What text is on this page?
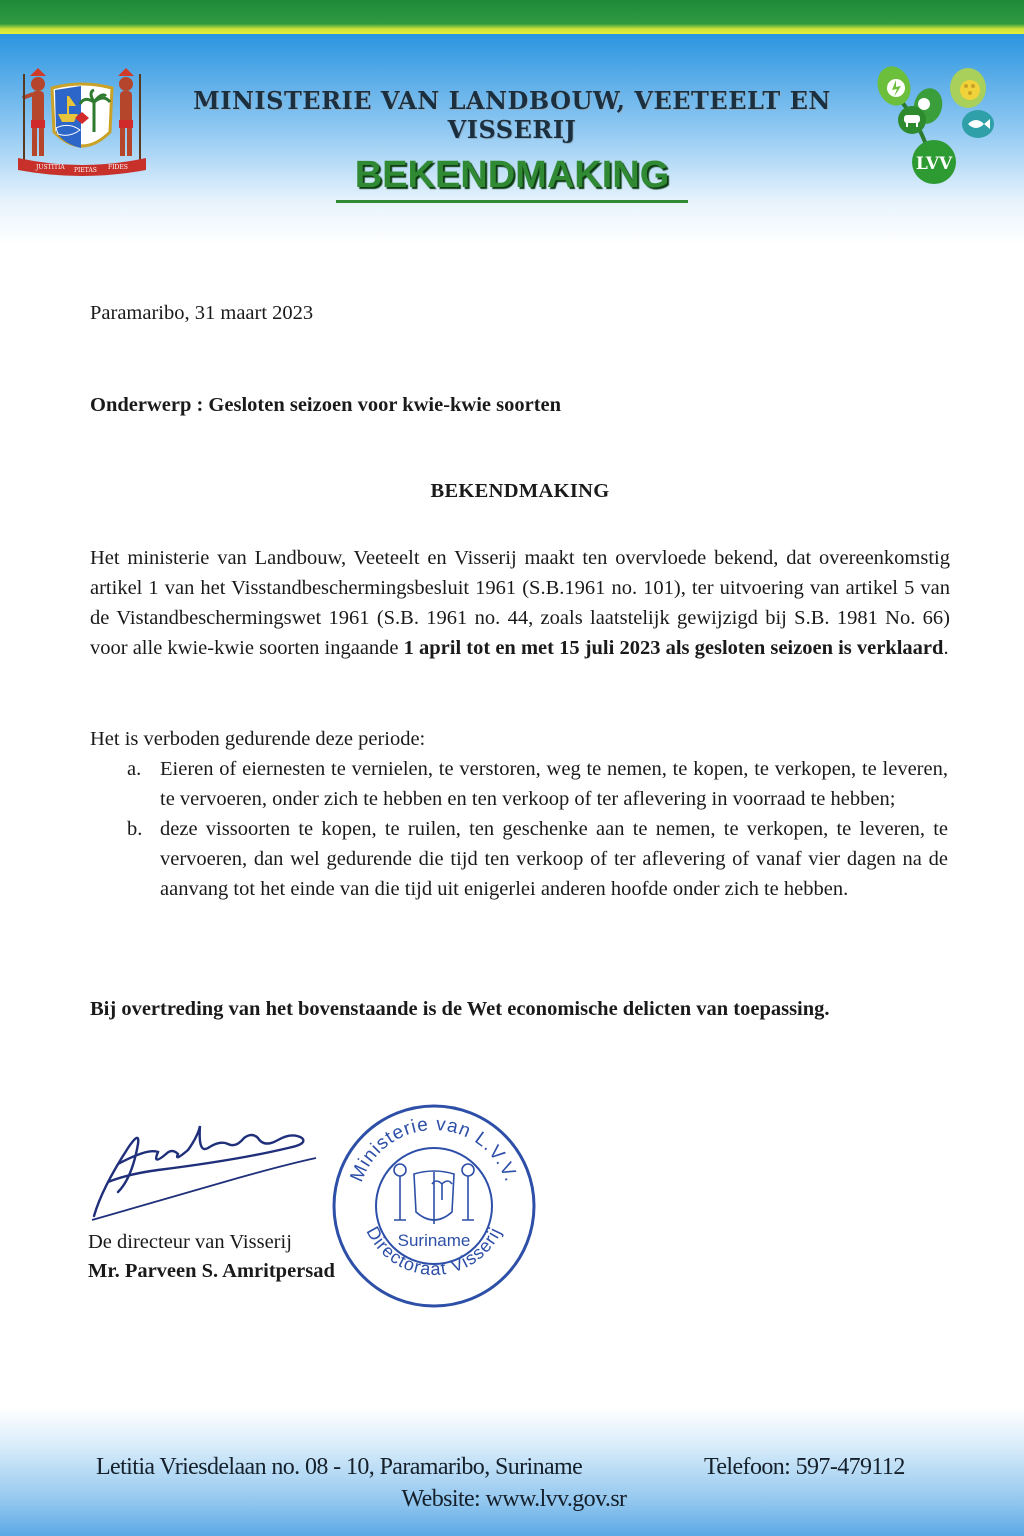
JUSTITIA PIETAS FIDES
MINISTERIE VAN LANDBOUW, VEETEELT EN VISSERIJ
BEKENDMAKING	LVV
Paramaribo, 31 maart 2023
Onderwerp : Gesloten seizoen voor kwie-kwie soorten
BEKENDMAKING
Het ministerie van Landbouw, Veeteelt en Visserij maakt ten overvloede bekend, dat overeenkomstig artikel 1 van het Visstandbeschermingsbesluit 1961 (S.B.1961 no. 101), ter uitvoering van artikel 5 van de Vistandbeschermingswet 1961 (S.B. 1961 no. 44, zoals laatstelijk gewijzigd bij S.B. 1981 No. 66) voor alle kwie-kwie soorten ingaande 1 april tot en met 15 juli 2023 als gesloten seizoen is verklaard.
Het is verboden gedurende deze periode:
a. Eieren of eiernesten te vernielen, te verstoren, weg te nemen, te kopen, te verkopen, te leveren, te vervoeren, onder zich te hebben en ten verkoop of ter aflevering in voorraad te hebben;
b. deze vissoorten te kopen, te ruilen, ten geschenke aan te nemen, te verkopen, te leveren, te vervoeren, dan wel gedurende die tijd ten verkoop of ter aflevering of vanaf vier dagen na de aanvang tot het einde van die tijd uit enigerlei anderen hoofde onder zich te hebben.
Bij overtreding van het bovenstaande is de Wet economische delicten van toepassing.
Ministerie van L.V.V.
Directoraat Visserij
Suriname
De directeur van Visserij
Mr. Parveen S. Amritpersad
Letitia Vriesdelaan no. 08 - 10, Paramaribo, Suriname	Telefoon: 597-479112
Website: www.lvv.gov.sr
